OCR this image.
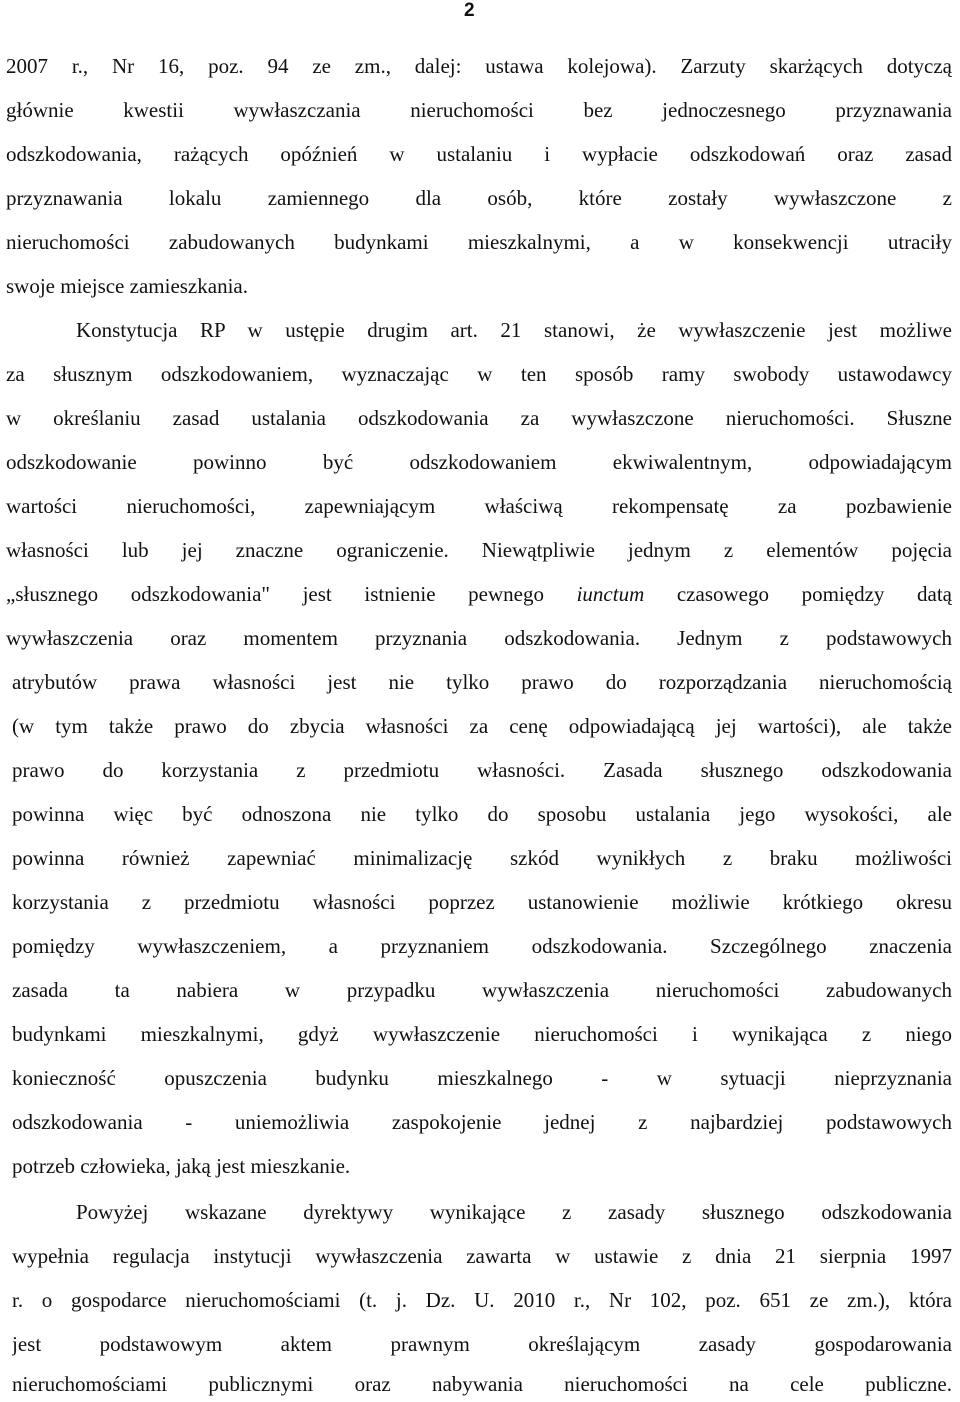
2
2007 r., Nr 16, poz. 94 ze zm., dalej: ustawa kolejowa). Zarzuty skarżących dotyczą
głównie kwestii wywłaszczania nieruchomości bez jednoczesnego przyznawania
odszkodowania, rażących opóźnień w ustalaniu i wypłacie odszkodowań oraz zasad
przyznawania lokalu zamiennego dla osób, które zostały wywłaszczone z
nieruchomości zabudowanych budynkami mieszkalnymi, a w konsekwencji utraciły
swoje miejsce zamieszkania.
Konstytucja RP w ustępie drugim art. 21 stanowi, że wywłaszczenie jest możliwe
za słusznym odszkodowaniem, wyznaczając w ten sposób ramy swobody ustawodawcy
w określaniu zasad ustalania odszkodowania za wywłaszczone nieruchomości. Słuszne
odszkodowanie powinno być odszkodowaniem ekwiwalentnym, odpowiadającym
wartości nieruchomości, zapewniającym właściwą rekompensatę za pozbawienie
własności lub jej znaczne ograniczenie. Niewątpliwie jednym z elementów pojęcia
„słusznego odszkodowania" jest istnienie pewnego iunctum czasowego pomiędzy datą
wywłaszczenia oraz momentem przyznania odszkodowania. Jednym z podstawowych
atrybutów prawa własności jest nie tylko prawo do rozporządzania nieruchomością
(w tym także prawo do zbycia własności za cenę odpowiadającą jej wartości), ale także
prawo do korzystania z przedmiotu własności. Zasada słusznego odszkodowania
powinna więc być odnoszona nie tylko do sposobu ustalania jego wysokości, ale
powinna również zapewniać minimalizację szkód wynikłych z braku możliwości
korzystania z przedmiotu własności poprzez ustanowienie możliwie krótkiego okresu
pomiędzy wywłaszczeniem, a przyznaniem odszkodowania. Szczególnego znaczenia
zasada ta nabiera w przypadku wywłaszczenia nieruchomości zabudowanych
budynkami mieszkalnymi, gdyż wywłaszczenie nieruchomości i wynikająca z niego
konieczność opuszczenia budynku mieszkalnego - w sytuacji nieprzyznania
odszkodowania - uniemożliwia zaspokojenie jednej z najbardziej podstawowych
potrzeb człowieka, jaką jest mieszkanie.
Powyżej wskazane dyrektywy wynikające z zasady słusznego odszkodowania
wypełnia regulacja instytucji wywłaszczenia zawarta w ustawie z dnia 21 sierpnia 1997
r. o gospodarce nieruchomościami (t. j. Dz. U. 2010 r., Nr 102, poz. 651 ze zm.), która
jest podstawowym aktem prawnym określającym zasady gospodarowania
nieruchomościami publicznymi oraz nabywania nieruchomości na cele publiczne.
